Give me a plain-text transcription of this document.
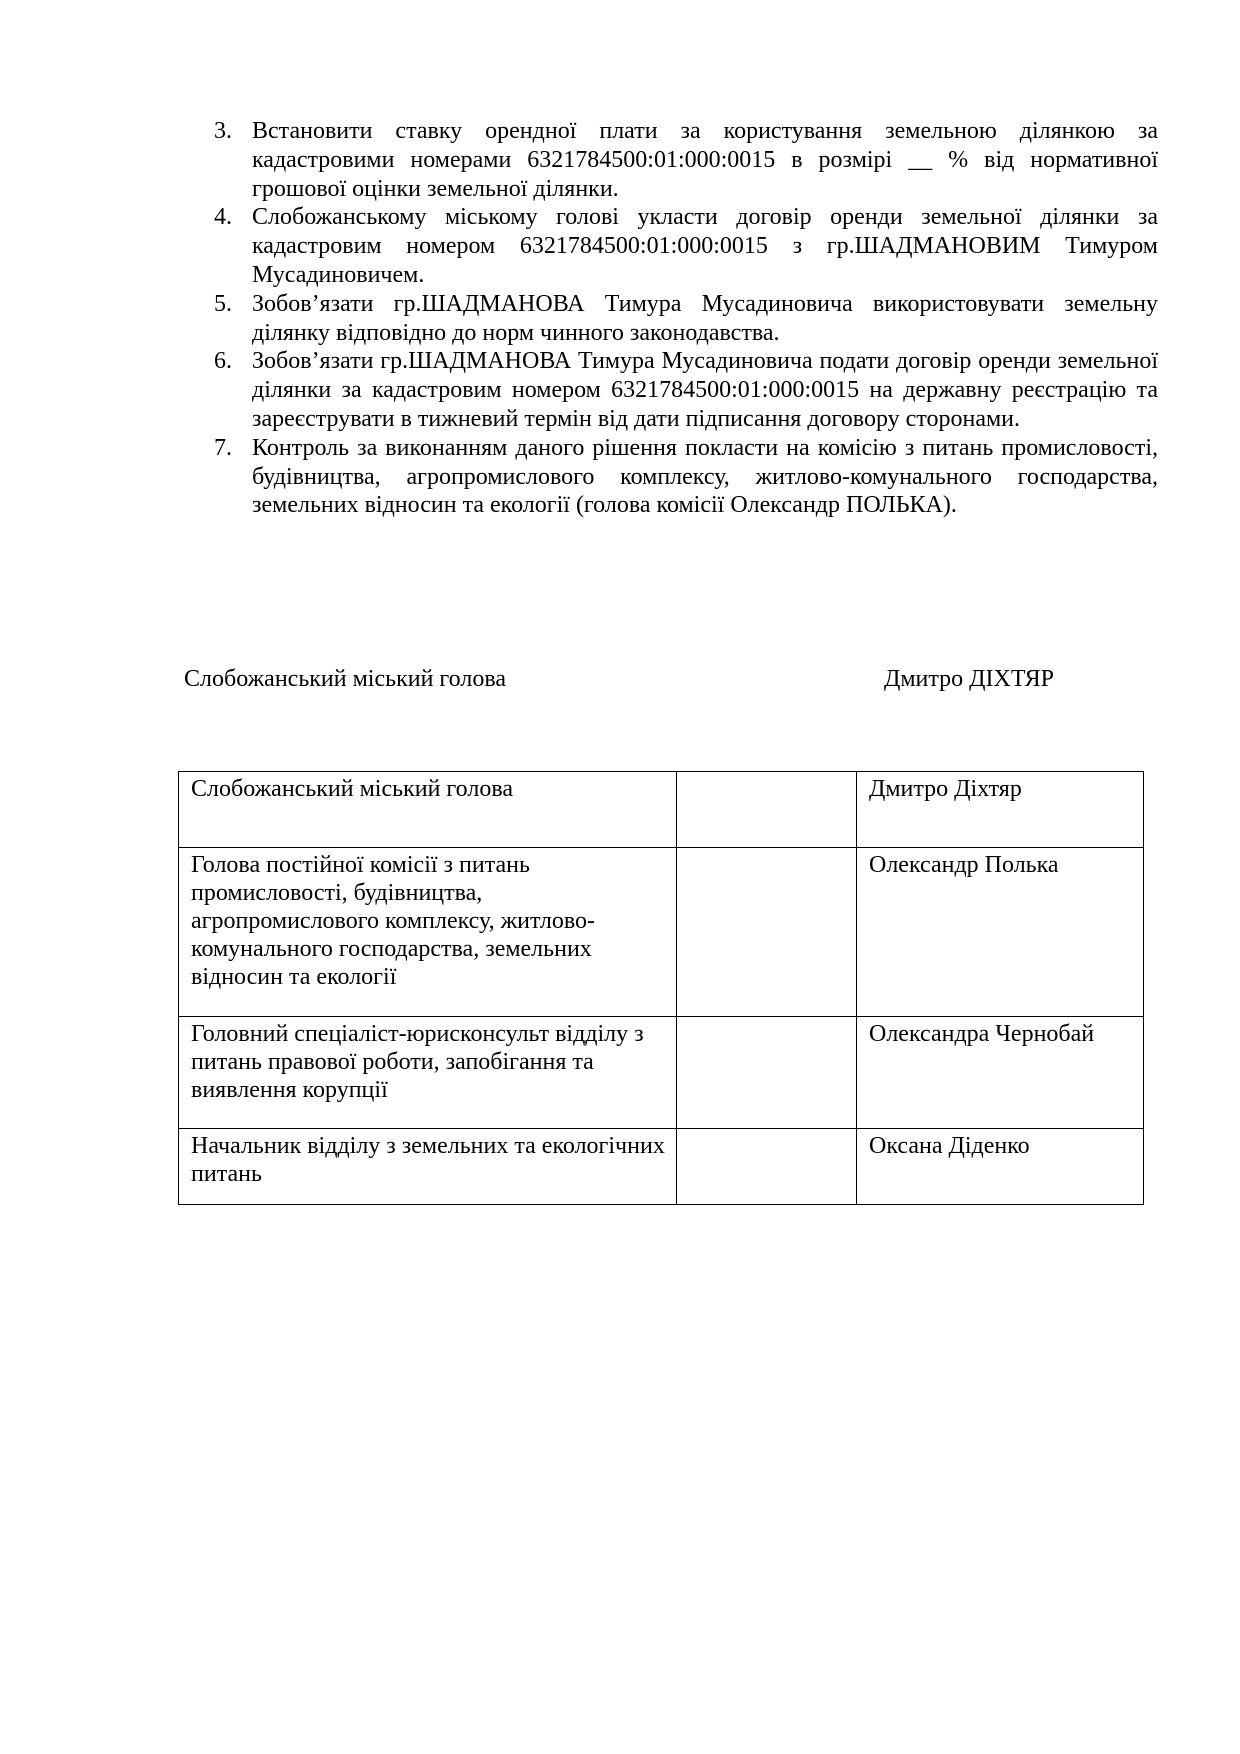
3. Встановити ставку орендної плати за користування земельною ділянкою за кадастровими номерами 6321784500:01:000:0015 в розмірі __ % від нормативної грошової оцінки земельної ділянки.
4. Слобожанському міському голові укласти договір оренди земельної ділянки за кадастровим номером 6321784500:01:000:0015 з гр.ШАДМАНОВИМ Тимуром Мусадиновичем.
5. Зобов’язати гр.ШАДМАНОВА Тимура Мусадиновича використовувати земельну ділянку відповідно до норм чинного законодавства.
6. Зобов’язати гр.ШАДМАНОВА Тимура Мусадиновича подати договір оренди земельної ділянки за кадастровим номером 6321784500:01:000:0015 на державну реєстрацію та зареєструвати в тижневий термін від дати підписання договору сторонами.
7. Контроль за виконанням даного рішення покласти на комісію з питань промисловості, будівництва, агропромислового комплексу, житлово-комунального господарства, земельних відносин та екології (голова комісії Олександр ПОЛЬКА).
Слобожанський міський голова	Дмитро ДІХТЯР
Слобожанський міський голова		Дмитро Діхтяр
Голова постійної комісії з питань промисловості, будівництва, агропромислового комплексу, житлово-комунального господарства, земельних відносин та екології		Олександр Полька
Головний спеціаліст-юрисконсульт відділу з питань правової роботи, запобігання та виявлення корупції		Олександра Чернобай
Начальник відділу з земельних та екологічних питань		Оксана Діденко
